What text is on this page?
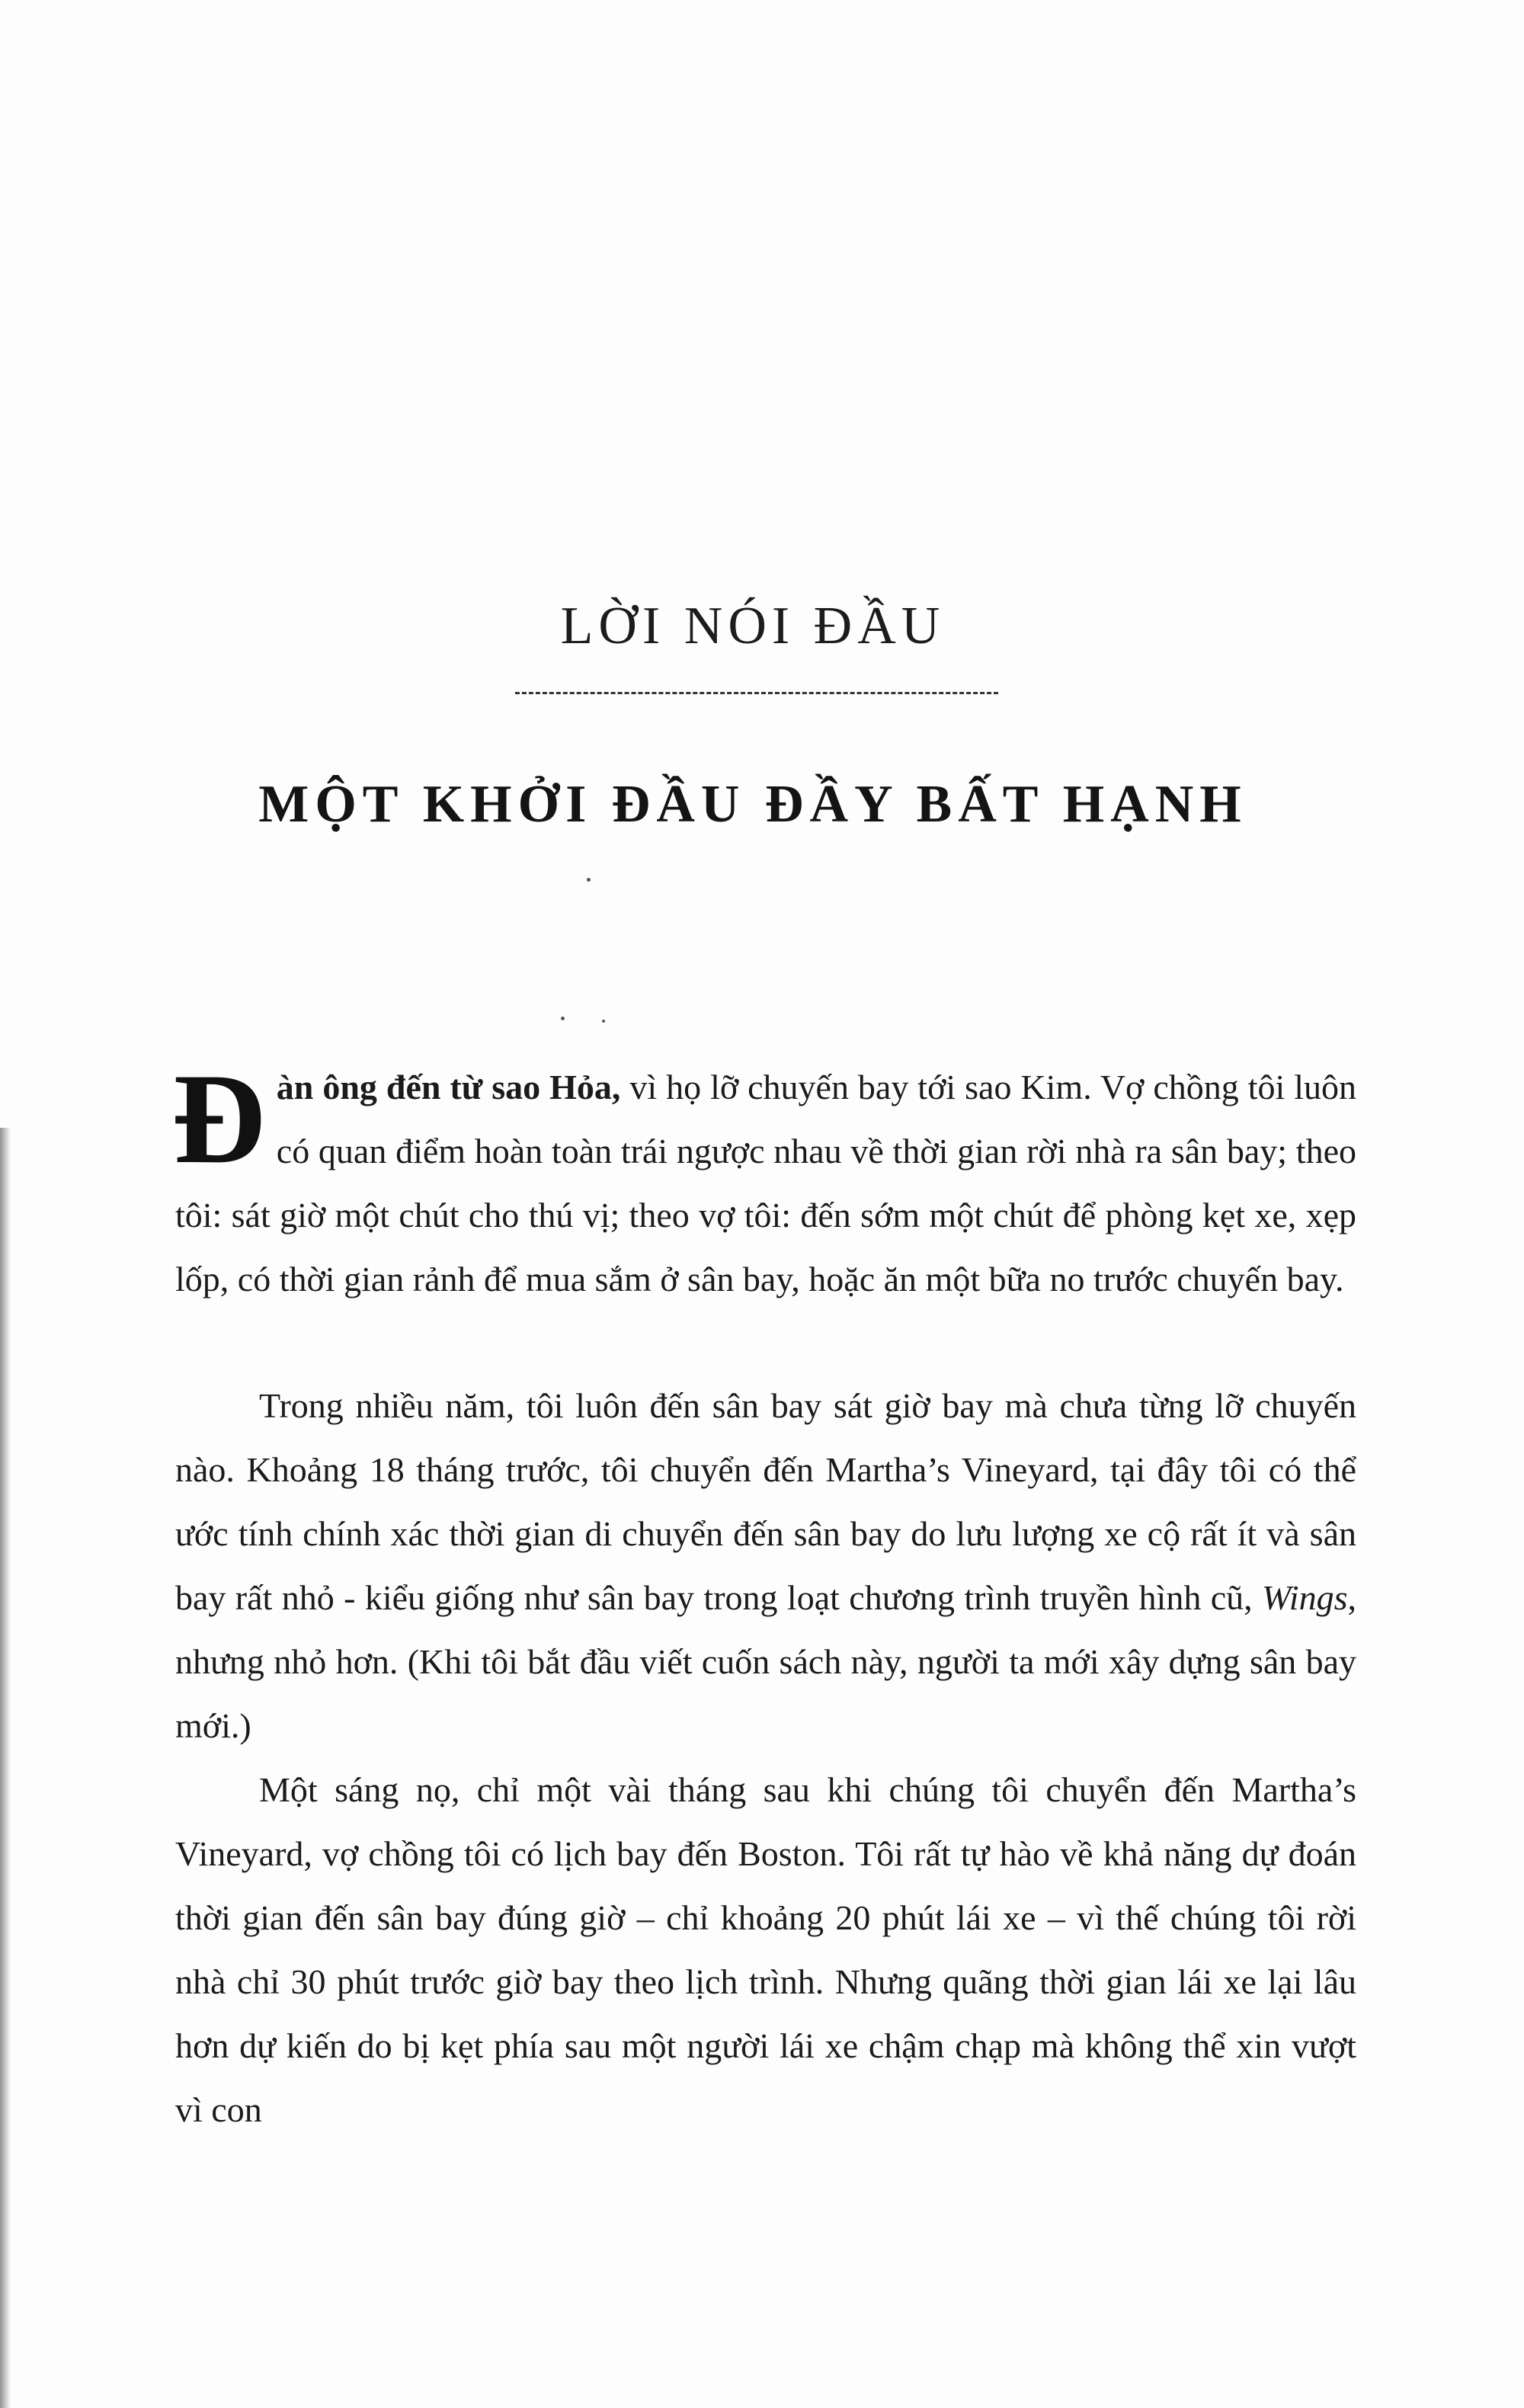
LỜI NÓI ĐẦU
MỘT KHỞI ĐẦU ĐẦY BẤT HẠNH

Đàn ông đến từ sao Hỏa, vì họ lỡ chuyến bay tới sao Kim. Vợ chồng tôi luôn có quan điểm hoàn toàn trái ngược nhau về thời gian rời nhà ra sân bay; theo tôi: sát giờ một chút cho thú vị; theo vợ tôi: đến sớm một chút để phòng kẹt xe, xẹp lốp, có thời gian rảnh để mua sắm ở sân bay, hoặc ăn một bữa no trước chuyến bay.

Trong nhiều năm, tôi luôn đến sân bay sát giờ bay mà chưa từng lỡ chuyến nào. Khoảng 18 tháng trước, tôi chuyển đến Martha’s Vineyard, tại đây tôi có thể ước tính chính xác thời gian di chuyển đến sân bay do lưu lượng xe cộ rất ít và sân bay rất nhỏ - kiểu giống như sân bay trong loạt chương trình truyền hình cũ, Wings, nhưng nhỏ hơn. (Khi tôi bắt đầu viết cuốn sách này, người ta mới xây dựng sân bay mới.)

Một sáng nọ, chỉ một vài tháng sau khi chúng tôi chuyển đến Martha’s Vineyard, vợ chồng tôi có lịch bay đến Boston. Tôi rất tự hào về khả năng dự đoán thời gian đến sân bay đúng giờ – chỉ khoảng 20 phút lái xe – vì thế chúng tôi rời nhà chỉ 30 phút trước giờ bay theo lịch trình. Nhưng quãng thời gian lái xe lại lâu hơn dự kiến do bị kẹt phía sau một người lái xe chậm chạp mà không thể xin vượt vì con
